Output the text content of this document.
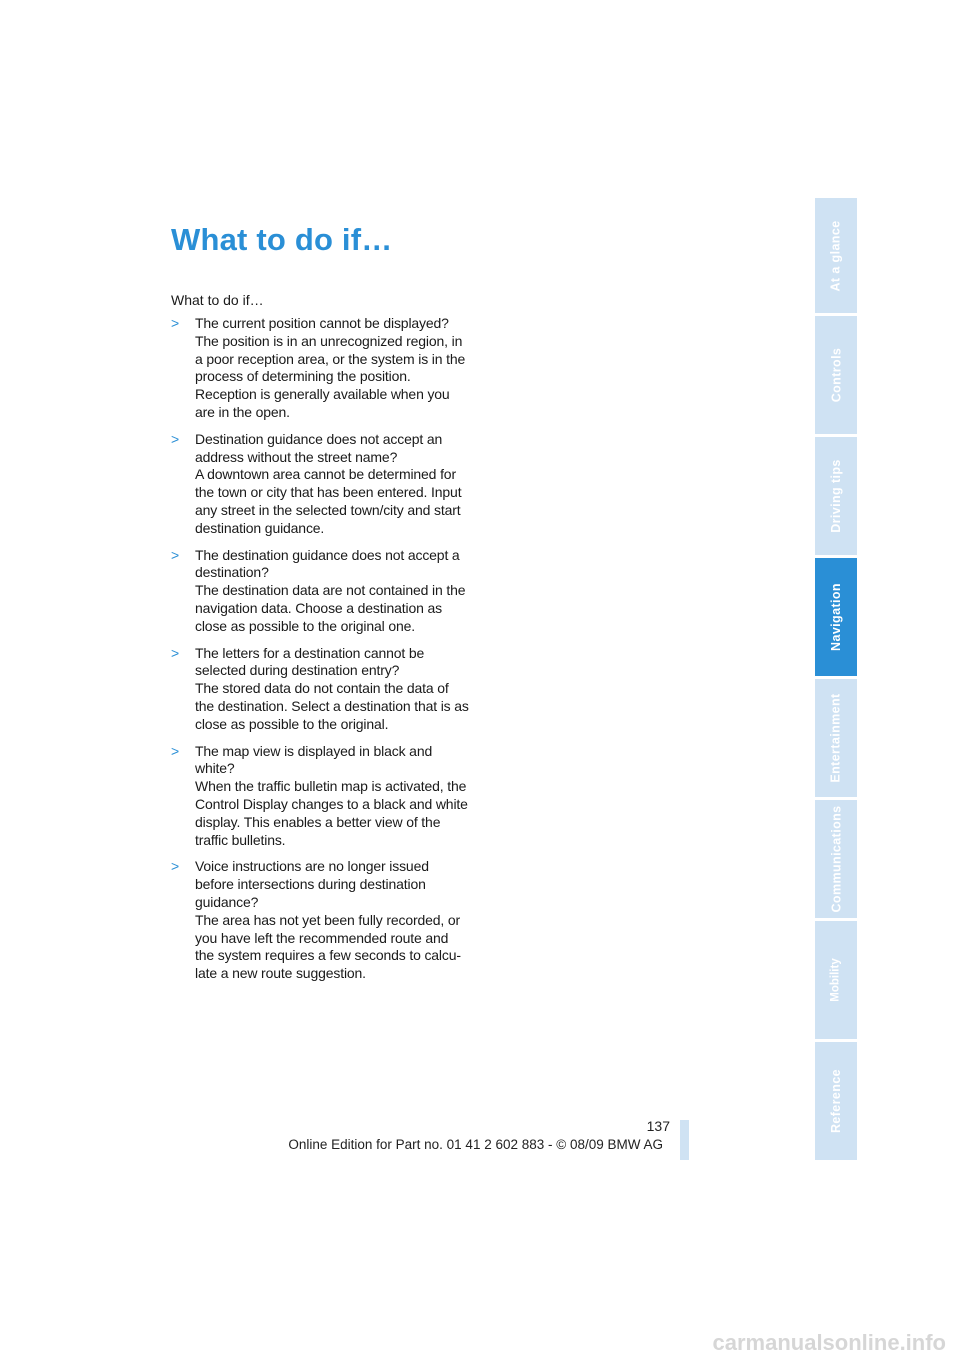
What to do if…

What to do if…

> The current position cannot be displayed?
The position is in an unrecognized region, in a poor reception area, or the system is in the process of determining the position. Reception is generally available when you are in the open.
> Destination guidance does not accept an address without the street name?
A downtown area cannot be determined for the town or city that has been entered. Input any street in the selected town/city and start destination guidance.
> The destination guidance does not accept a destination?
The destination data are not contained in the navigation data. Choose a destination as close as possible to the original one.
> The letters for a destination cannot be selected during destination entry?
The stored data do not contain the data of the destination. Select a destination that is as close as possible to the original.
> The map view is displayed in black and white?
When the traffic bulletin map is activated, the Control Display changes to a black and white display. This enables a better view of the traffic bulletins.
> Voice instructions are no longer issued before intersections during destination guidance?
The area has not yet been fully recorded, or you have left the recommended route and the system requires a few seconds to calcu-late a new route suggestion.
At a glance
Controls
Driving tips
Navigation
Entertainment
Communications
Mobility
Reference
137
Online Edition for Part no. 01 41 2 602 883 - © 08/09 BMW AG
carmanualsonline.info
